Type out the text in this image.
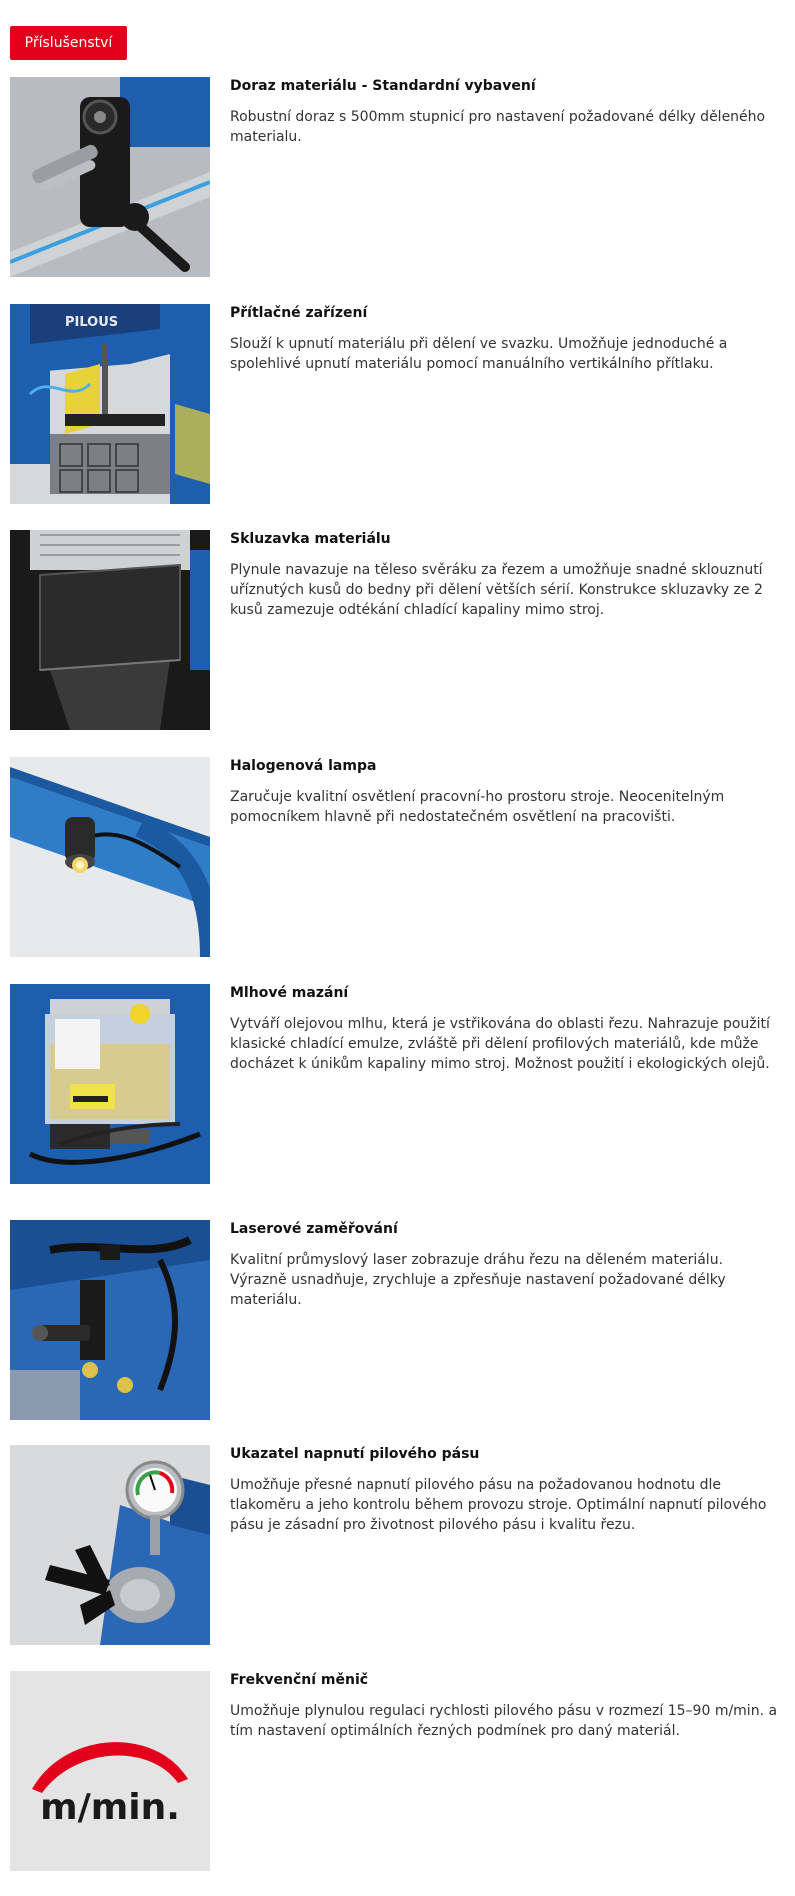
Příslušenství
Doraz materiálu - Standardní vybavení
Robustní doraz s 500mm stupnicí pro nastavení požadované délky děleného materialu.
PILOUS
Přítlačné zařízení
Slouží k upnutí materiálu při dělení ve svazku. Umožňuje jednoduché a spolehlivé upnutí materiálu pomocí manuálního vertikálního přítlaku.
Skluzavka materiálu
Plynule navazuje na těleso svěráku za řezem a umožňuje snadné sklouznutí uříznutých kusů do bedny při dělení větších sérií. Konstrukce skluzavky ze 2 kusů zamezuje odtékání chladící kapaliny mimo stroj.
Halogenová lampa
Zaručuje kvalitní osvětlení pracovní-ho prostoru stroje. Neocenitelným pomocníkem hlavně při nedostatečném osvětlení na pracovišti.
Mlhové mazání
Vytváří olejovou mlhu, která je vstřikována do oblasti řezu. Nahrazuje použití klasické chladící emulze, zvláště při dělení profilových materiálů, kde může docházet k únikům kapaliny mimo stroj. Možnost použití i ekologických olejů.
Laserové zaměřování
Kvalitní průmyslový laser zobrazuje dráhu řezu na děleném materiálu. Výrazně usnadňuje, zrychluje a zpřesňuje nastavení požadované délky materiálu.
Ukazatel napnutí pilového pásu
Umožňuje přesné napnutí pilového pásu na požadovanou hodnotu dle tlakoměru a jeho kontrolu během provozu stroje. Optimální napnutí pilového pásu je zásadní pro životnost pilového pásu i kvalitu řezu.
m/min.
Frekvenční měnič
Umožňuje plynulou regulaci rychlosti pilového pásu v rozmezí 15–90 m/min. a tím nastavení optimálních řezných podmínek pro daný materiál.
